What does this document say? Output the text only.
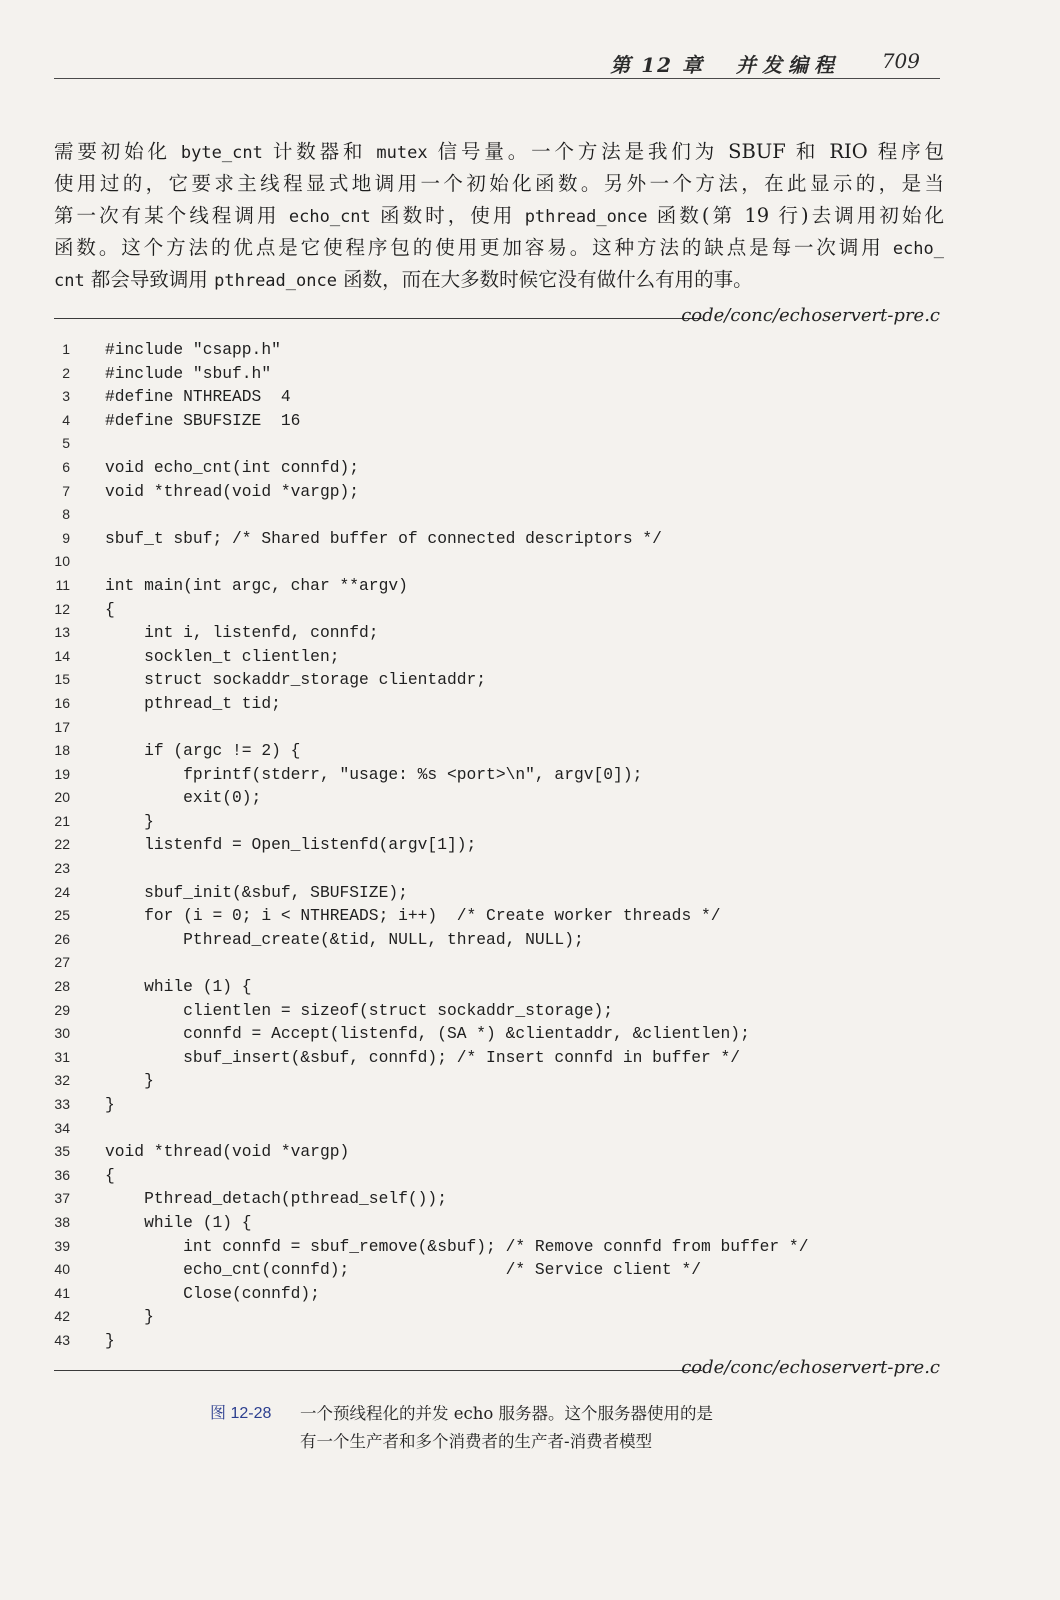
第 12 章 并发编程 709
需要初始化 byte_cnt 计数器和 mutex 信号量。一个方法是我们为 SBUF 和 RIO 程序包
使用过的，它要求主线程显式地调用一个初始化函数。另外一个方法，在此显示的，是当
第一次有某个线程调用 echo_cnt 函数时，使用 pthread_once 函数(第 19 行)去调用初始化
函数。这个方法的优点是它使程序包的使用更加容易。这种方法的缺点是每一次调用 echo_
cnt 都会导致调用 pthread_once 函数，而在大多数时候它没有做什么有用的事。
code/conc/echoservert-pre.c
1 #include "csapp.h"
2 #include "sbuf.h"
3 #define NTHREADS  4
4 #define SBUFSIZE  16
5
6 void echo_cnt(int connfd);
7 void *thread(void *vargp);
8
9 sbuf_t sbuf; /* Shared buffer of connected descriptors */
10
11 int main(int argc, char **argv)
12 {
13 int i, listenfd, connfd;
14 socklen_t clientlen;
15 struct sockaddr_storage clientaddr;
16 pthread_t tid;
17
18 if (argc != 2) {
19 fprintf(stderr, "usage: %s <port>\n", argv[0]);
20 exit(0);
21 }
22 listenfd = Open_listenfd(argv[1]);
23
24 sbuf_init(&sbuf, SBUFSIZE);
25 for (i = 0; i < NTHREADS; i++)  /* Create worker threads */
26 Pthread_create(&tid, NULL, thread, NULL);
27
28 while (1) {
29 clientlen = sizeof(struct sockaddr_storage);
30 connfd = Accept(listenfd, (SA *) &clientaddr, &clientlen);
31 sbuf_insert(&sbuf, connfd); /* Insert connfd in buffer */
32 }
33 }
34
35 void *thread(void *vargp)
36 {
37 Pthread_detach(pthread_self());
38 while (1) {
39 int connfd = sbuf_remove(&sbuf); /* Remove connfd from buffer */
40 echo_cnt(connfd);                /* Service client */
41 Close(connfd);
42 }
43 }
code/conc/echoservert-pre.c
图 12-28 一个预线程化的并发 echo 服务器。这个服务器使用的是
有一个生产者和多个消费者的生产者-消费者模型
